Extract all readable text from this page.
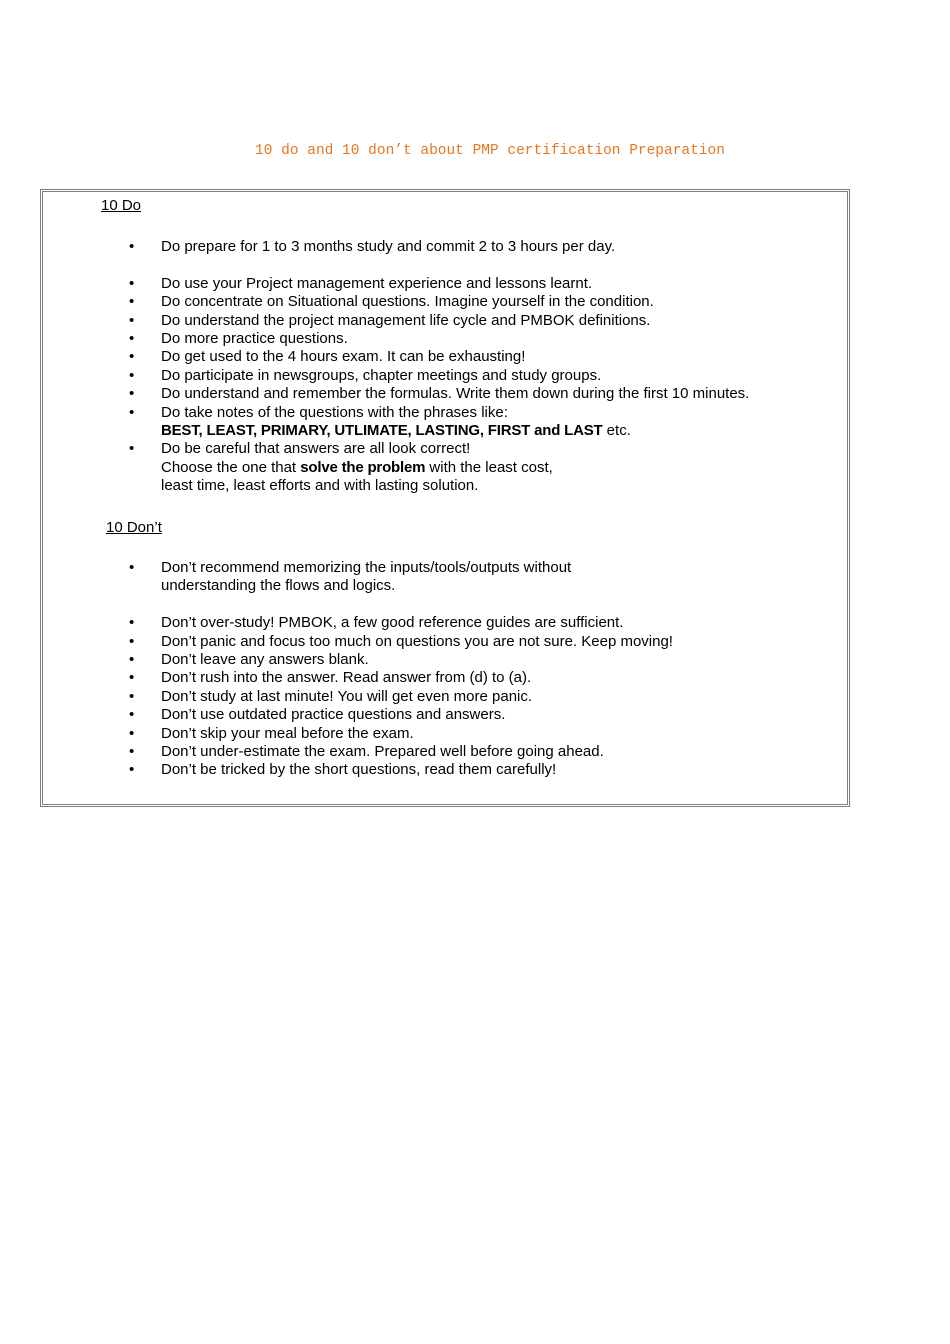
10 do and 10 don’t about PMP certification Preparation
10 Do
• Do prepare for 1 to 3 months study and commit 2 to 3 hours per day.
• Do use your Project management experience and lessons learnt.
• Do concentrate on Situational questions. Imagine yourself in the condition.
• Do understand the project management life cycle and PMBOK definitions.
• Do more practice questions.
• Do get used to the 4 hours exam. It can be exhausting!
• Do participate in newsgroups, chapter meetings and study groups.
• Do understand and remember the formulas. Write them down during the first 10 minutes.
• Do take notes of the questions with the phrases like:
BEST, LEAST, PRIMARY, UTLIMATE, LASTING, FIRST and LAST etc.
• Do be careful that answers are all look correct!
Choose the one that solve the problem with the least cost,
least time, least efforts and with lasting solution.
10 Don’t
• Don’t recommend memorizing the inputs/tools/outputs without
understanding the flows and logics.
• Don’t over-study! PMBOK, a few good reference guides are sufficient.
• Don’t panic and focus too much on questions you are not sure. Keep moving!
• Don’t leave any answers blank.
• Don’t rush into the answer. Read answer from (d) to (a).
• Don’t study at last minute! You will get even more panic.
• Don’t use outdated practice questions and answers.
• Don’t skip your meal before the exam.
• Don’t under-estimate the exam. Prepared well before going ahead.
• Don’t be tricked by the short questions, read them carefully!
